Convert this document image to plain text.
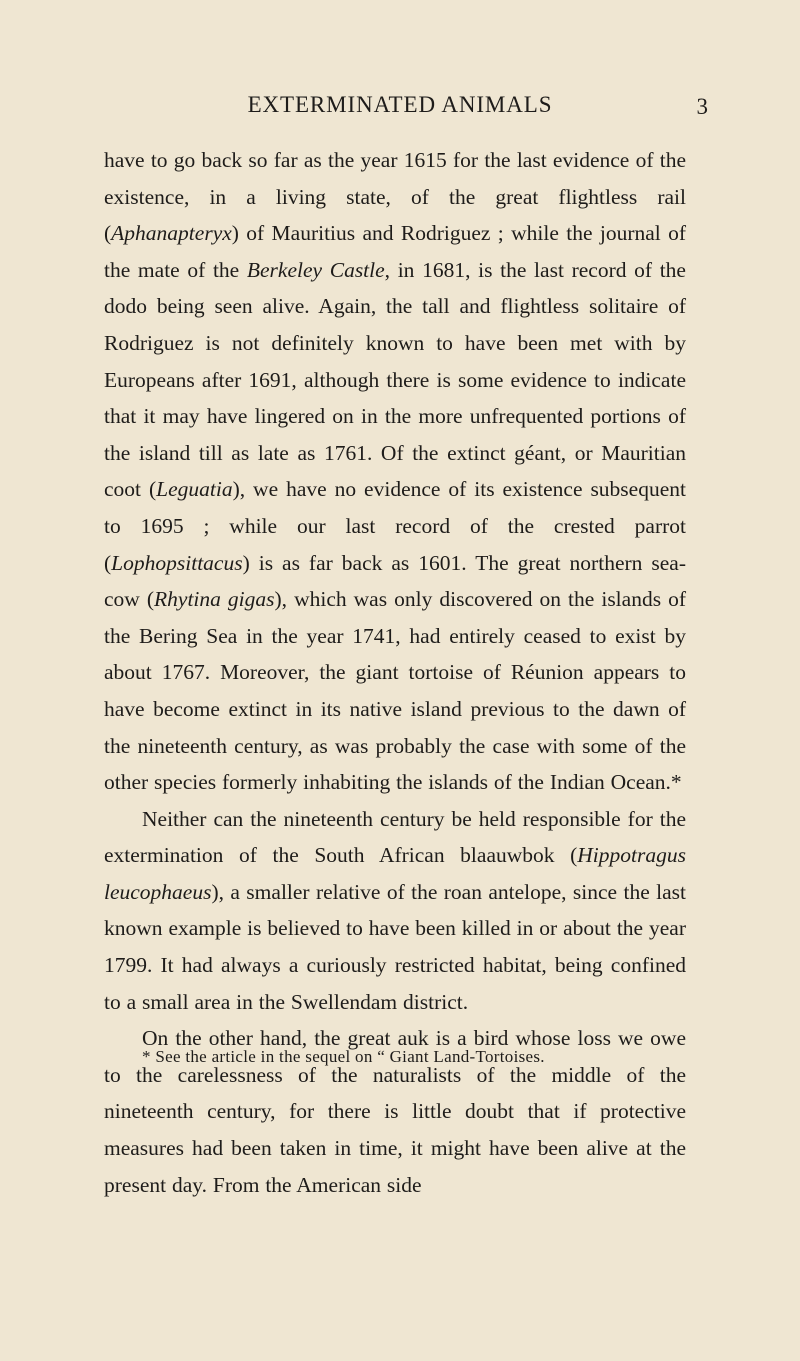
EXTERMINATED ANIMALS	3

have to go back so far as the year 1615 for the last evidence of the existence, in a living state, of the great flightless rail (Aphanapteryx) of Mauritius and Rodriguez ; while the journal of the mate of the Berkeley Castle, in 1681, is the last record of the dodo being seen alive. Again, the tall and flightless solitaire of Rodriguez is not definitely known to have been met with by Europeans after 1691, although there is some evidence to indicate that it may have lingered on in the more unfrequented portions of the island till as late as 1761. Of the extinct géant, or Mauritian coot (Leguatia), we have no evidence of its existence subsequent to 1695 ; while our last record of the crested parrot (Lophopsittacus) is as far back as 1601. The great northern sea-cow (Rhytina gigas), which was only discovered on the islands of the Bering Sea in the year 1741, had entirely ceased to exist by about 1767. Moreover, the giant tortoise of Réunion appears to have become extinct in its native island previous to the dawn of the nineteenth century, as was probably the case with some of the other species formerly inhabiting the islands of the Indian Ocean.*

Neither can the nineteenth century be held responsible for the extermination of the South African blaauwbok (Hippotragus leucophaeus), a smaller relative of the roan antelope, since the last known example is believed to have been killed in or about the year 1799. It had always a curiously restricted habitat, being confined to a small area in the Swellendam district.

On the other hand, the great auk is a bird whose loss we owe to the carelessness of the naturalists of the middle of the nineteenth century, for there is little doubt that if protective measures had been taken in time, it might have been alive at the present day. From the American side

* See the article in the sequel on “ Giant Land-Tortoises.
